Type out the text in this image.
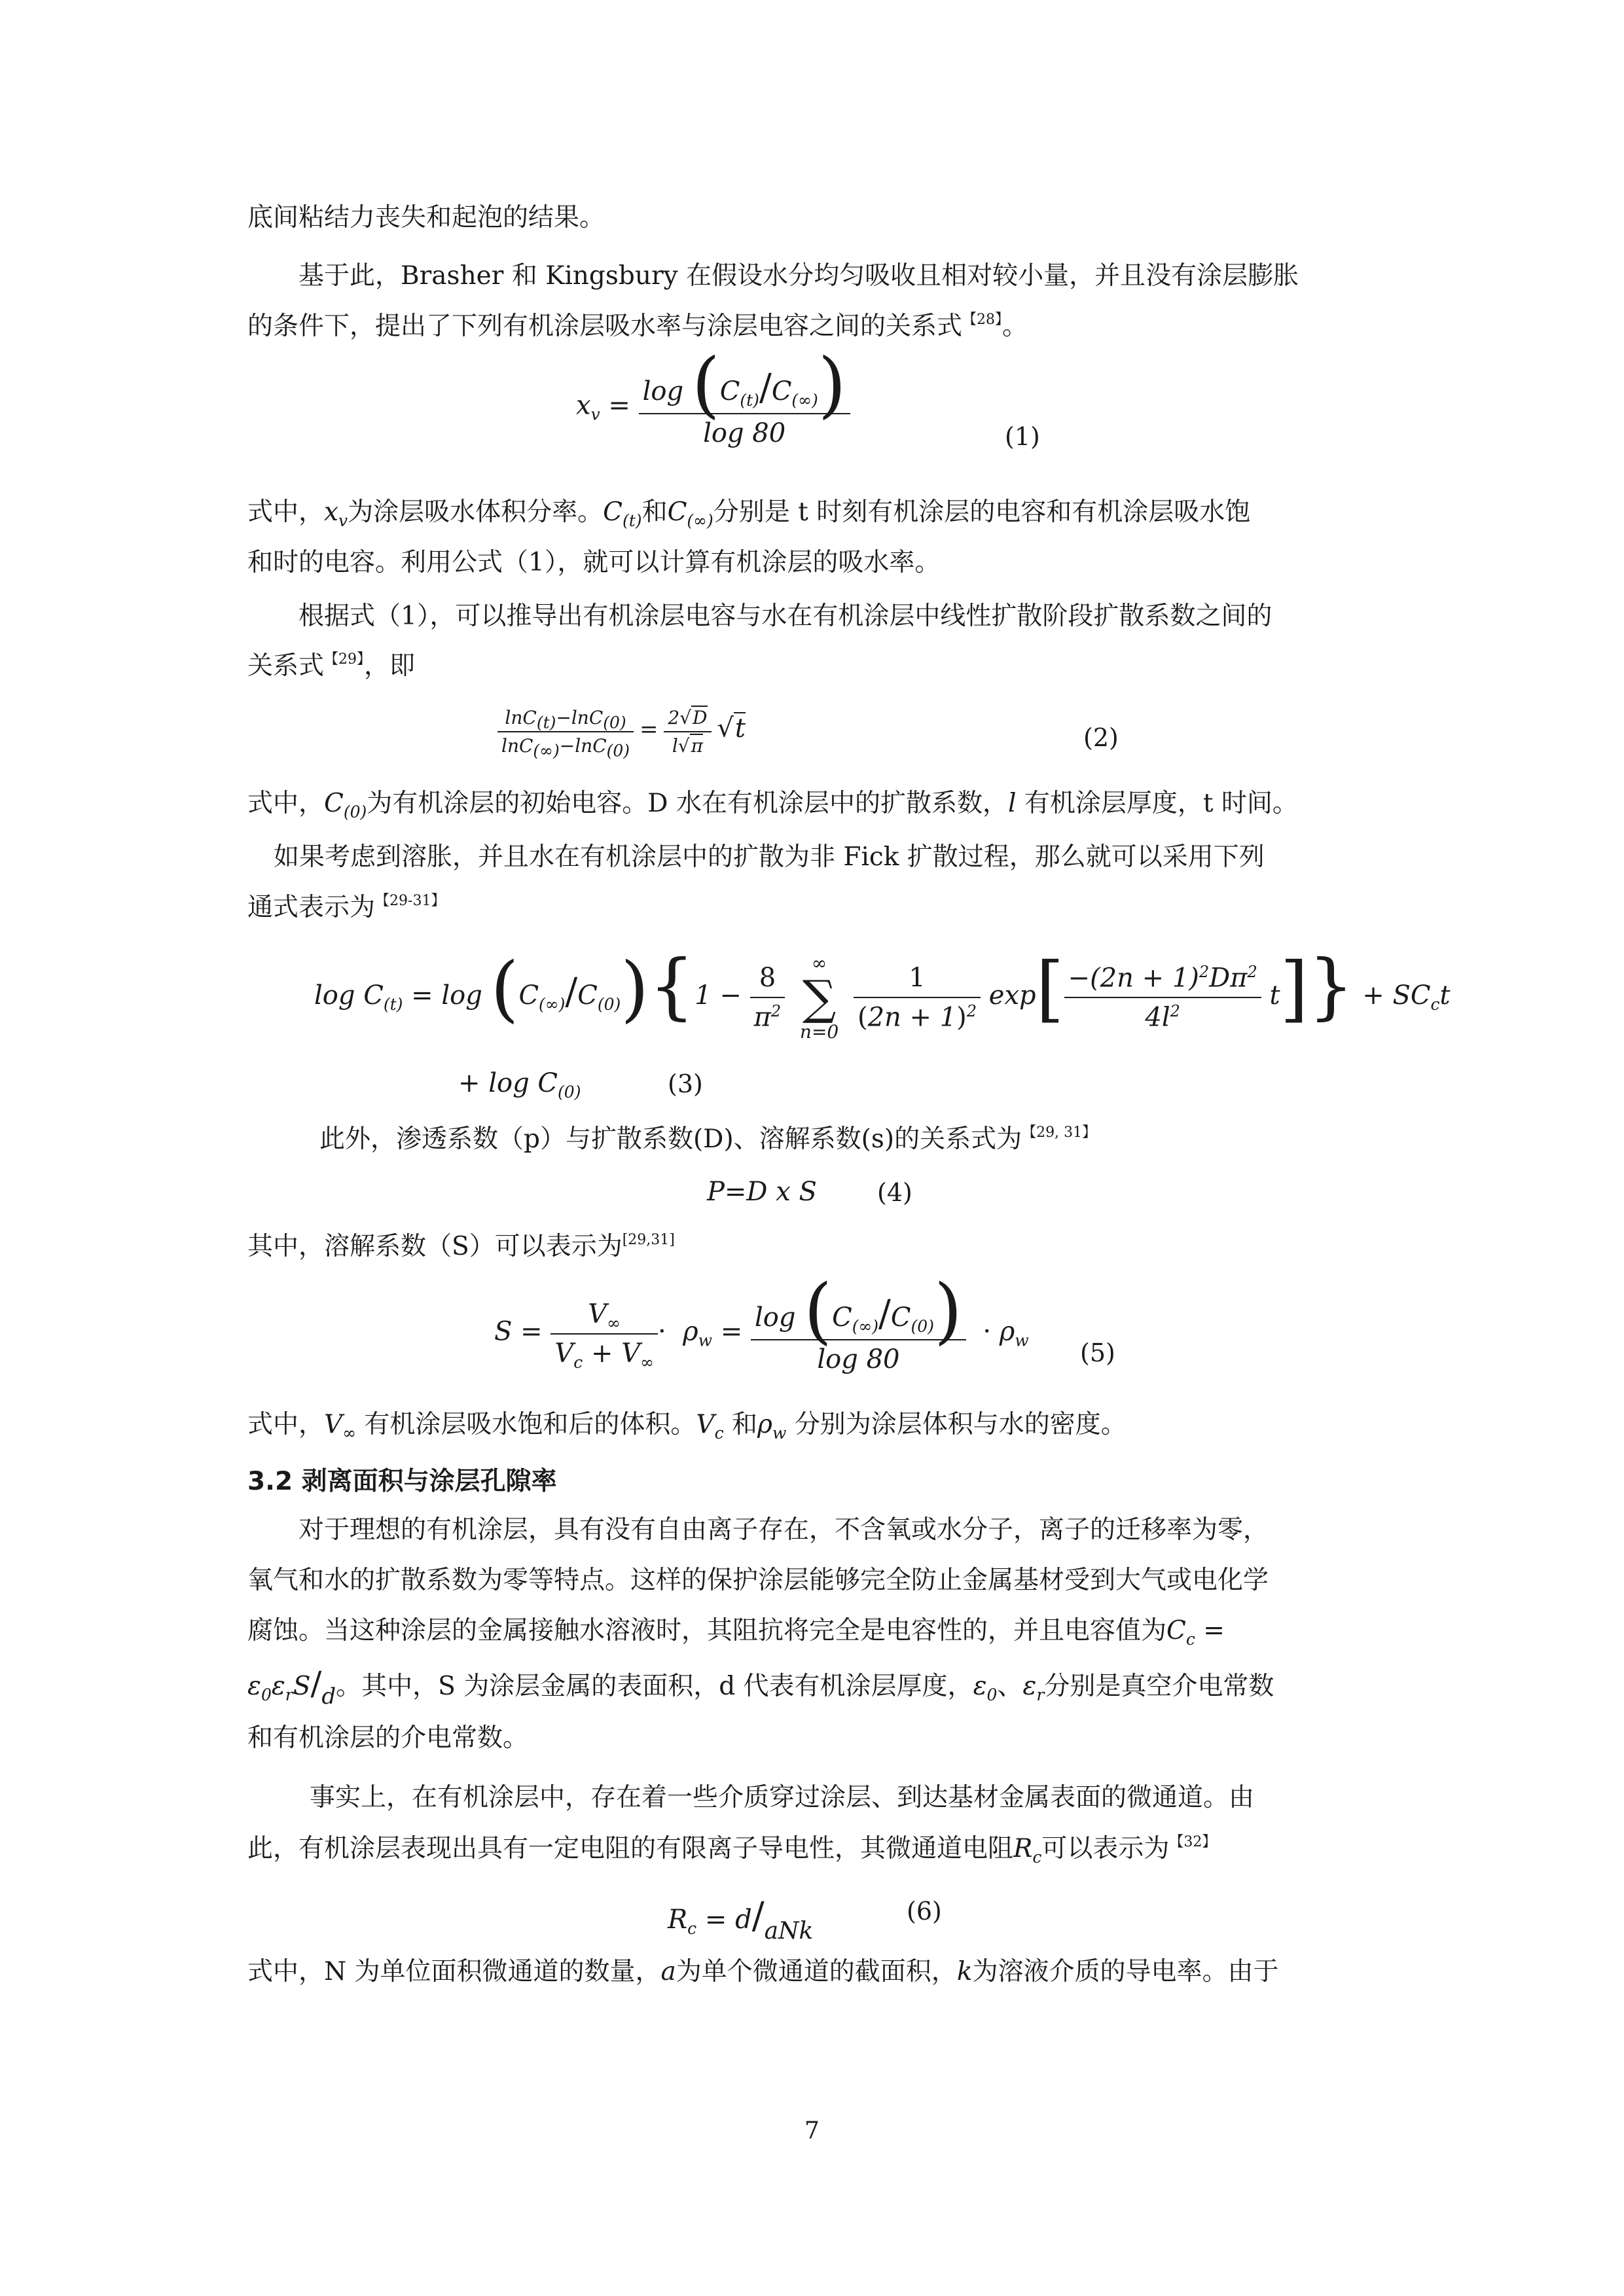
底间粘结力丧失和起泡的结果。
基于此，Brasher 和 Kingsbury 在假设水分均匀吸收且相对较小量，并且没有涂层膨胀
的条件下，提出了下列有机涂层吸水率与涂层电容之间的关系式$^{【28】}$。
$x_v = \frac{\log (C_{(t)}/C_{(\infty)})}{\log 80}$	(1)
式中，$x_v$为涂层吸水体积分率。$C_{(t)}$和$C_{(\infty)}$分别是 t 时刻有机涂层的电容和有机涂层吸水饱
和时的电容。利用公式（1），就可以计算有机涂层的吸水率。
根据式（1），可以推导出有机涂层电容与水在有机涂层中线性扩散阶段扩散系数之间的
关系式$^{【29】}$，即
$\frac{\ln C_{(t)}-\ln C_{(0)}}{\ln C_{(\infty)}-\ln C_{(0)}} = \frac{2√D}{l√\pi} √t$	(2)
式中，$C_{(0)}$为有机涂层的初始电容。D 水在有机涂层中的扩散系数，l 有机涂层厚度，t 时间。
如果考虑到溶胀，并且水在有机涂层中的扩散为非 Fick 扩散过程，那么就可以采用下列
通式表示为$^{【29-31】}$
$\log C_{(t)} = \log (C_{(\infty)}/C_{(0)})\{1 - \frac{8}{\pi^2}$
	∞
∑
n=0
$\frac{1}{(2n + 1)^2} \exp[ \frac{-(2n + 1)^2D\pi^2}{4l^2} t]\} + SC_ct$
+ $\log C_{(0)}$	(3)
此外，渗透系数（p）与扩散系数(D)、溶解系数(s)的关系式为$^{【29, 31】}$
P=D x S (4)
其中，溶解系数（S）可以表示为[29,31]
$S = \frac{V_\infty}{V_c + V_\infty} \cdot \rho_w = \frac{\log (C_{(\infty)}/C_{(0)})}{\log 80} \cdot \rho_w$ (5)
式中，$V_\infty$ 有机涂层吸水饱和后的体积。$V_c$ 和$\rho_w$ 分别为涂层体积与水的密度。
3.2 剥离面积与涂层孔隙率
对于理想的有机涂层，具有没有自由离子存在，不含氧或水分子，离子的迁移率为零，
氧气和水的扩散系数为零等特点。这样的保护涂层能够完全防止金属基材受到大气或电化学
腐蚀。当这种涂层的金属接触水溶液时，其阻抗将完全是电容性的，并且电容值为$C_c$ =
$\varepsilon_0\varepsilon_rS/_d$。其中，S 为涂层金属的表面积，d 代表有机涂层厚度，$\varepsilon_0$、$\varepsilon_r$分别是真空介电常数
和有机涂层的介电常数。
事实上，在有机涂层中，存在着一些介质穿过涂层、到达基材金属表面的微通道。由
此，有机涂层表现出具有一定电阻的有限离子导电性，其微通道电阻$R_c$可以表示为$^{【32】}$
$R_c = d/_{aNk}$
(6)
式中，N 为单位面积微通道的数量，a为单个微通道的截面积，k为溶液介质的导电率。由于
7
